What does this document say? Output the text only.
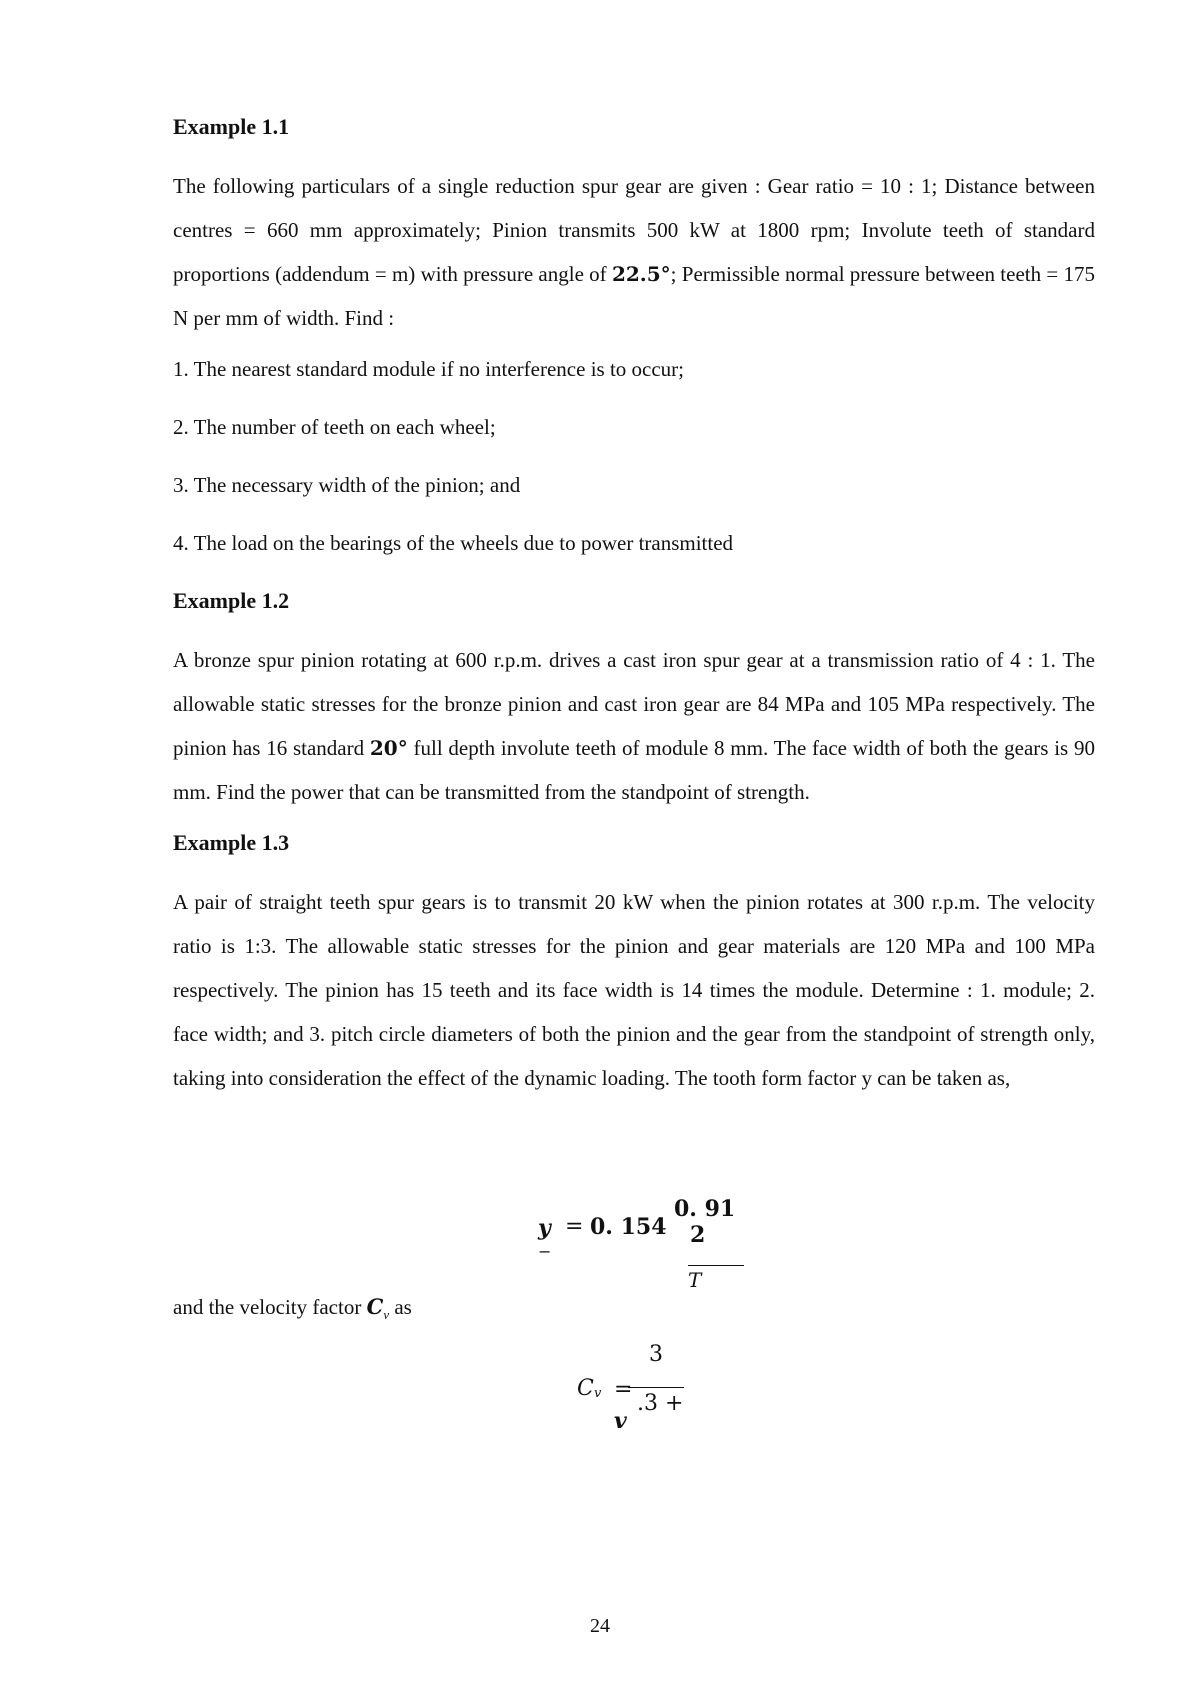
Example 1.1

The following particulars of a single reduction spur gear are given : Gear ratio = 10 : 1; Distance between centres = 660 mm approximately; Pinion transmits 500 kW at 1800 rpm; Involute teeth of standard proportions (addendum = m) with pressure angle of 22.5°; Permissible normal pressure between teeth = 175 N per mm of width. Find :

1. The nearest standard module if no interference is to occur;
2. The number of teeth on each wheel;
3. The necessary width of the pinion; and
4. The load on the bearings of the wheels due to power transmitted
Example 1.2

A bronze spur pinion rotating at 600 r.p.m. drives a cast iron spur gear at a transmission ratio of 4 : 1. The allowable static stresses for the bronze pinion and cast iron gear are 84 MPa and 105 MPa respectively. The pinion has 16 standard 20° full depth involute teeth of module 8 mm. The face width of both the gears is 90 mm. Find the power that can be transmitted from the standpoint of strength.

Example 1.3

A pair of straight teeth spur gears is to transmit 20 kW when the pinion rotates at 300 r.p.m. The velocity ratio is 1:3. The allowable static stresses for the pinion and gear materials are 120 MPa and 100 MPa respectively. The pinion has 15 teeth and its face width is 14 times the module. Determine : 1. module; 2. face width; and 3. pitch circle diameters of both the pinion and the gear from the standpoint of strength only, taking into consideration the effect of the dynamic loading. The tooth form factor y can be taken as,

y = 0. 154
0. 91
2
−
T
and the velocity factor $C_v$ as
3
C v =
.3 +
v
24
